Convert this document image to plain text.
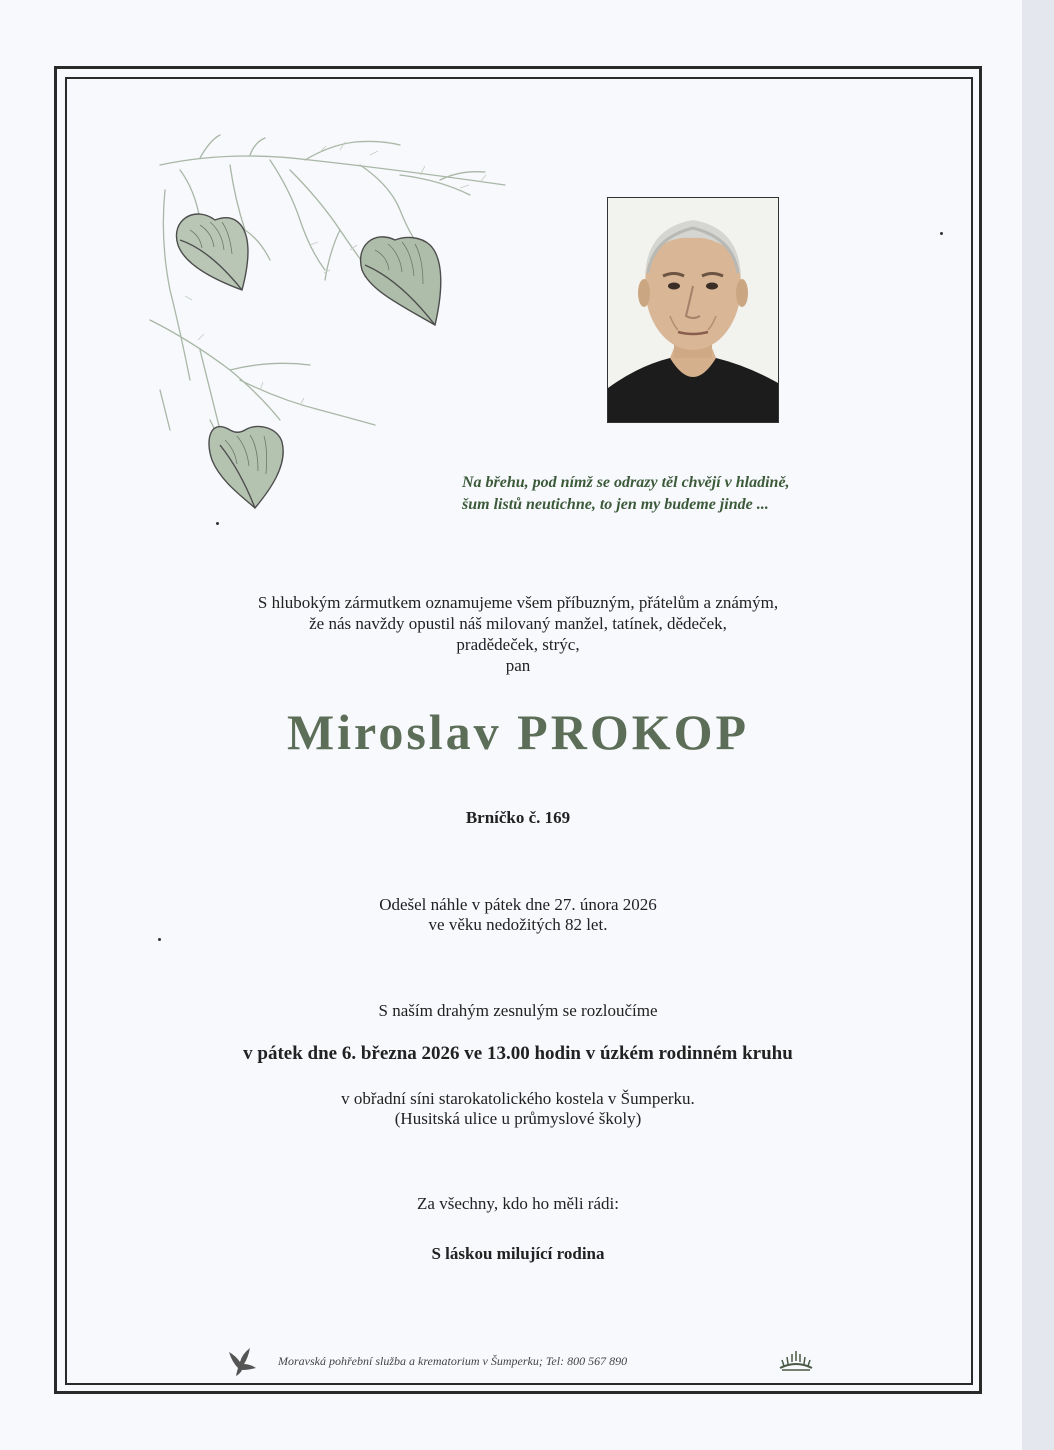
Na břehu, pod nímž se odrazy těl chvějí v hladině,
šum listů neutichne, to jen my budeme jinde ...
S hlubokým zármutkem oznamujeme všem příbuzným, přátelům a známým,
že nás navždy opustil náš milovaný manžel, tatínek, dědeček,
pradědeček, strýc,
pan
Miroslav PROKOP
Brníčko č. 169
Odešel náhle v pátek dne 27. února 2026
ve věku nedožitých 82 let.
S naším drahým zesnulým se rozloučíme
v pátek dne 6. března 2026 ve 13.00 hodin v úzkém rodinném kruhu
v obřadní síni starokatolického kostela v Šumperku.
(Husitská ulice u průmyslové školy)
Za všechny, kdo ho měli rádi:
S láskou milující rodina
Moravská pohřební služba a krematorium v Šumperku; Tel: 800 567 890
